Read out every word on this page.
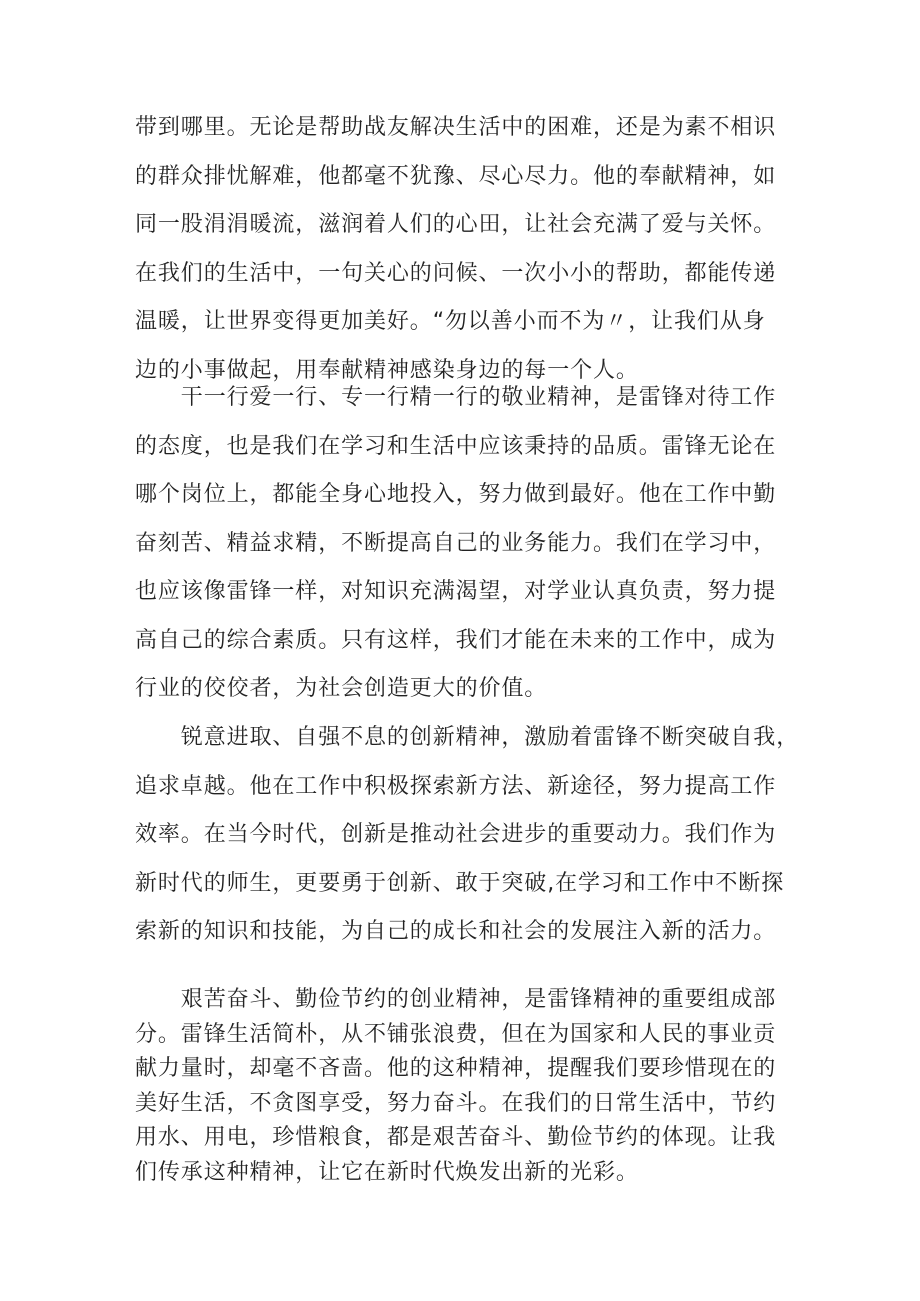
带到哪里。无论是帮助战友解决生活中的困难，还是为素不相识
的群众排忧解难，他都毫不犹豫、尽心尽力。他的奉献精神，如
同一股涓涓暖流，滋润着人们的心田，让社会充满了爱与关怀。
在我们的生活中，一句关心的问候、一次小小的帮助，都能传递
温暖，让世界变得更加美好。“勿以善小而不为〃，让我们从身
边的小事做起，用奉献精神感染身边的每一个人。
　　干一行爱一行、专一行精一行的敬业精神，是雷锋对待工作
的态度，也是我们在学习和生活中应该秉持的品质。雷锋无论在
哪个岗位上，都能全身心地投入，努力做到最好。他在工作中勤
奋刻苦、精益求精，不断提高自己的业务能力。我们在学习中，
也应该像雷锋一样，对知识充满渴望，对学业认真负责，努力提
高自己的综合素质。只有这样，我们才能在未来的工作中，成为
行业的佼佼者，为社会创造更大的价值。
　　锐意进取、自强不息的创新精神，激励着雷锋不断突破自我，
追求卓越。他在工作中积极探索新方法、新途径，努力提高工作
效率。在当今时代，创新是推动社会进步的重要动力。我们作为
新时代的师生，更要勇于创新、敢于突破,在学习和工作中不断探
索新的知识和技能，为自己的成长和社会的发展注入新的活力。
　　艰苦奋斗、勤俭节约的创业精神，是雷锋精神的重要组成部
分。雷锋生活简朴，从不铺张浪费，但在为国家和人民的事业贡
献力量时，却毫不吝啬。他的这种精神，提醒我们要珍惜现在的
美好生活，不贪图享受，努力奋斗。在我们的日常生活中，节约
用水、用电，珍惜粮食，都是艰苦奋斗、勤俭节约的体现。让我
们传承这种精神，让它在新时代焕发出新的光彩。
